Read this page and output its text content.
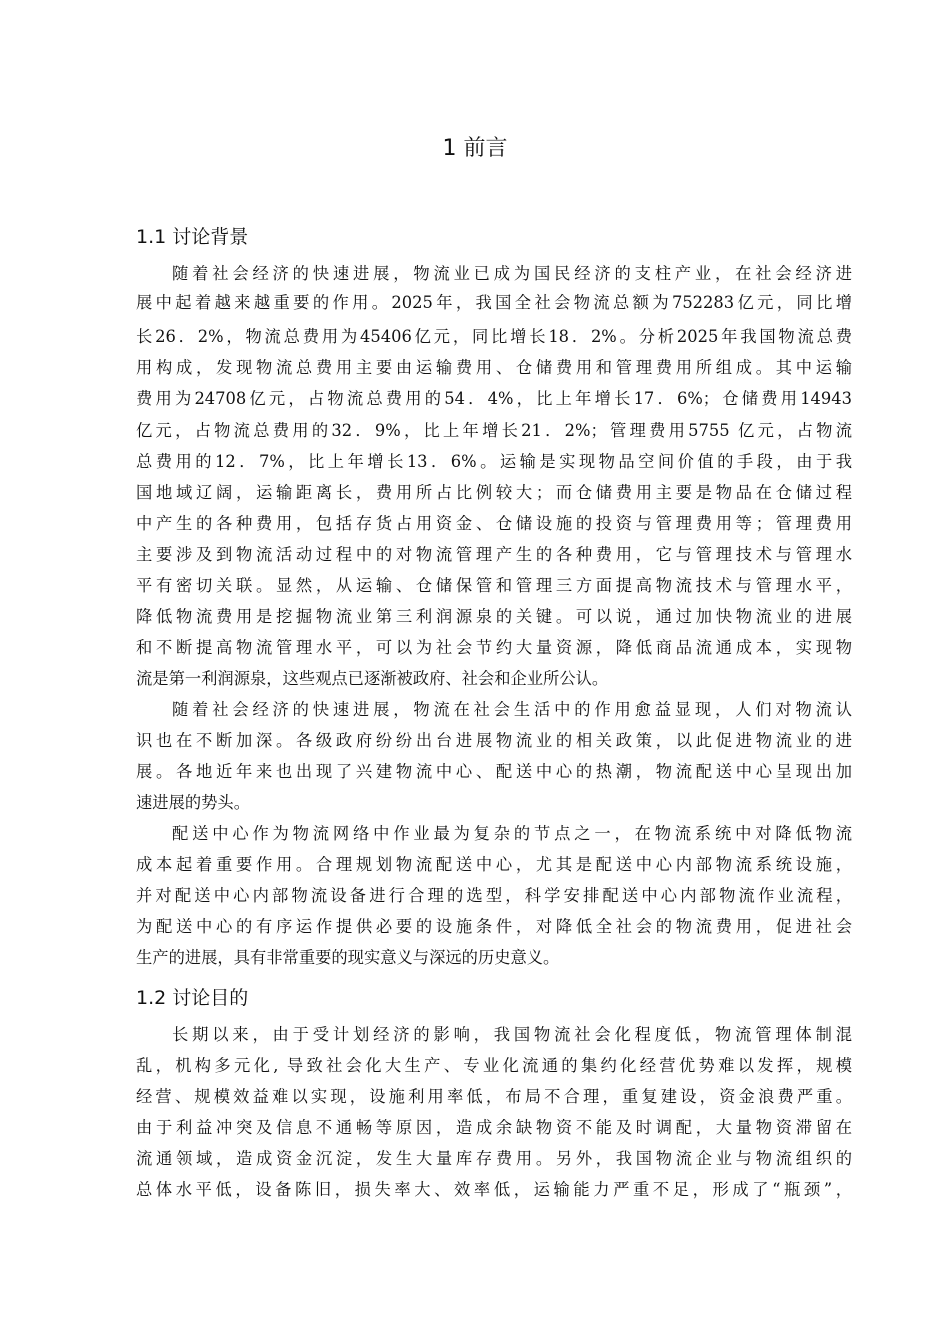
1 前言
1.1 讨论背景
随着社会经济的快速进展，物流业已成为国民经济的支柱产业，在社会经济进
展中起着越来越重要的作用。2025年，我国全社会物流总额为752283亿元，同比增
长26．2%，物流总费用为45406亿元，同比增长18．2%。分析2025年我国物流总费
用构成，发现物流总费用主要由运输费用、仓储费用和管理费用所组成。其中运输
费用为24708亿元，占物流总费用的54．4%，比上年增长17．6%；仓储费用14943
亿元，占物流总费用的32．9%，比上年增长21．2%；管理费用5755 亿元，占物流
总费用的12．7%，比上年增长13．6%。运输是实现物品空间价值的手段，由于我
国地域辽阔，运输距离长，费用所占比例较大；而仓储费用主要是物品在仓储过程
中产生的各种费用，包括存货占用资金、仓储设施的投资与管理费用等；管理费用
主要涉及到物流活动过程中的对物流管理产生的各种费用，它与管理技术与管理水
平有密切关联。显然，从运输、仓储保管和管理三方面提高物流技术与管理水平，
降低物流费用是挖掘物流业第三利润源泉的关键。可以说，通过加快物流业的进展
和不断提高物流管理水平，可以为社会节约大量资源，降低商品流通成本，实现物
流是第一利润源泉，这些观点已逐渐被政府、社会和企业所公认。
随着社会经济的快速进展，物流在社会生活中的作用愈益显现，人们对物流认
识也在不断加深。各级政府纷纷出台进展物流业的相关政策，以此促进物流业的进
展。各地近年来也出现了兴建物流中心、配送中心的热潮，物流配送中心呈现出加
速进展的势头。
配送中心作为物流网络中作业最为复杂的节点之一，在物流系统中对降低物流
成本起着重要作用。合理规划物流配送中心，尤其是配送中心内部物流系统设施，
并对配送中心内部物流设备进行合理的选型，科学安排配送中心内部物流作业流程，
为配送中心的有序运作提供必要的设施条件，对降低全社会的物流费用，促进社会
生产的进展，具有非常重要的现实意义与深远的历史意义。
1.2 讨论目的
长期以来，由于受计划经济的影响，我国物流社会化程度低，物流管理体制混
乱，机构多元化, 导致社会化大生产、专业化流通的集约化经营优势难以发挥，规模
经营、规模效益难以实现，设施利用率低，布局不合理，重复建设，资金浪费严重。
由于利益冲突及信息不通畅等原因，造成余缺物资不能及时调配，大量物资滞留在
流通领域，造成资金沉淀，发生大量库存费用。另外，我国物流企业与物流组织的
总体水平低，设备陈旧，损失率大、效率低，运输能力严重不足，形成了“瓶颈”，
